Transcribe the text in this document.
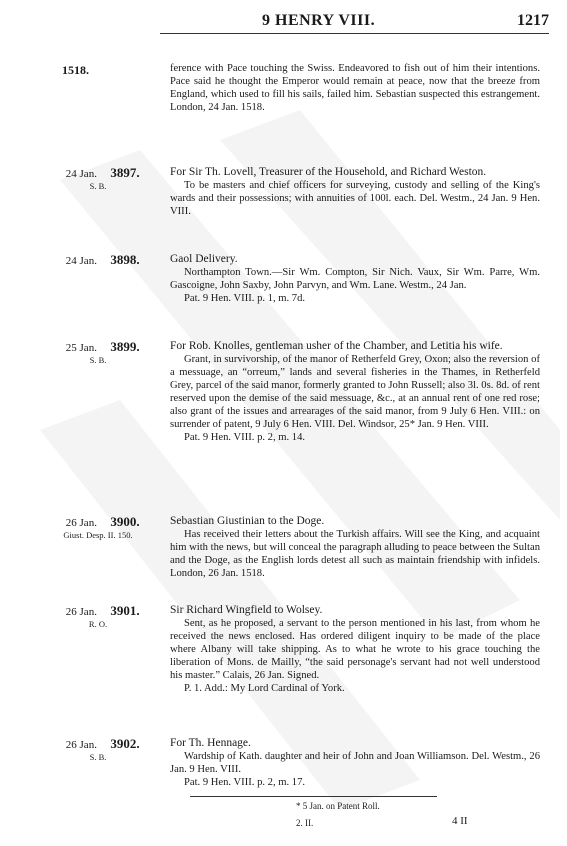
9 HENRY VIII.	1217
1518.	ference with Pace touching the Swiss. Endeavored to fish out of him their intentions. Pace said he thought the Emperor would remain at peace, now that the breeze from England, which used to fill his sails, failed him. Sebastian suspected this estrangement. London, 24 Jan. 1518.

24 Jan. 3897.
S. B.

For Sir Th. Lovell, Treasurer of the Household, and Richard Weston.

To be masters and chief officers for surveying, custody and selling of the King's wards and their possessions; with annuities of 100l. each. Del. Westm., 24 Jan. 9 Hen. VIII.

24 Jan. 3898.	Gaol Delivery.

Northampton Town.—Sir Wm. Compton, Sir Nich. Vaux, Sir Wm. Parre, Wm. Gascoigne, John Saxby, John Parvyn, and Wm. Lane. Westm., 24 Jan.

Pat. 9 Hen. VIII. p. 1, m. 7d.

25 Jan. 3899.
S. B.

For Rob. Knolles, gentleman usher of the Chamber, and Letitia his wife.

Grant, in survivorship, of the manor of Retherfeld Grey, Oxon; also the reversion of a messuage, an “orreum,” lands and several fisheries in the Thames, in Retherfeld Grey, parcel of the said manor, formerly granted to John Russell; also 3l. 0s. 8d. of rent reserved upon the demise of the said messuage, &c., at an annual rent of one red rose; also grant of the issues and arrearages of the said manor, from 9 July 6 Hen. VIII.: on surrender of patent, 9 July 6 Hen. VIII. Del. Windsor, 25* Jan. 9 Hen. VIII.

Pat. 9 Hen. VIII. p. 2, m. 14.

26 Jan. 3900.
Giust. Desp. II. 150.

Sebastian Giustinian to the Doge.

Has received their letters about the Turkish affairs. Will see the King, and acquaint him with the news, but will conceal the paragraph alluding to peace between the Sultan and the Doge, as the English lords detest all such as maintain friendship with infidels. London, 26 Jan. 1518.

26 Jan. 3901.
R. O.

Sir Richard Wingfield to Wolsey.

Sent, as he proposed, a servant to the person mentioned in his last, from whom he received the news enclosed. Has ordered diligent inquiry to be made of the place where Albany will take shipping. As to what he wrote to his grace touching the liberation of Mons. de Mailly, “the said personage's servant had not well understood his master.” Calais, 26 Jan. Signed.

P. 1. Add.: My Lord Cardinal of York.

26 Jan. 3902.
S. B.

For Th. Hennage.

Wardship of Kath. daughter and heir of John and Joan Williamson. Del. Westm., 26 Jan. 9 Hen. VIII.

Pat. 9 Hen. VIII. p. 2, m. 17.

* 5 Jan. on Patent Roll.
2. II.	4 II
